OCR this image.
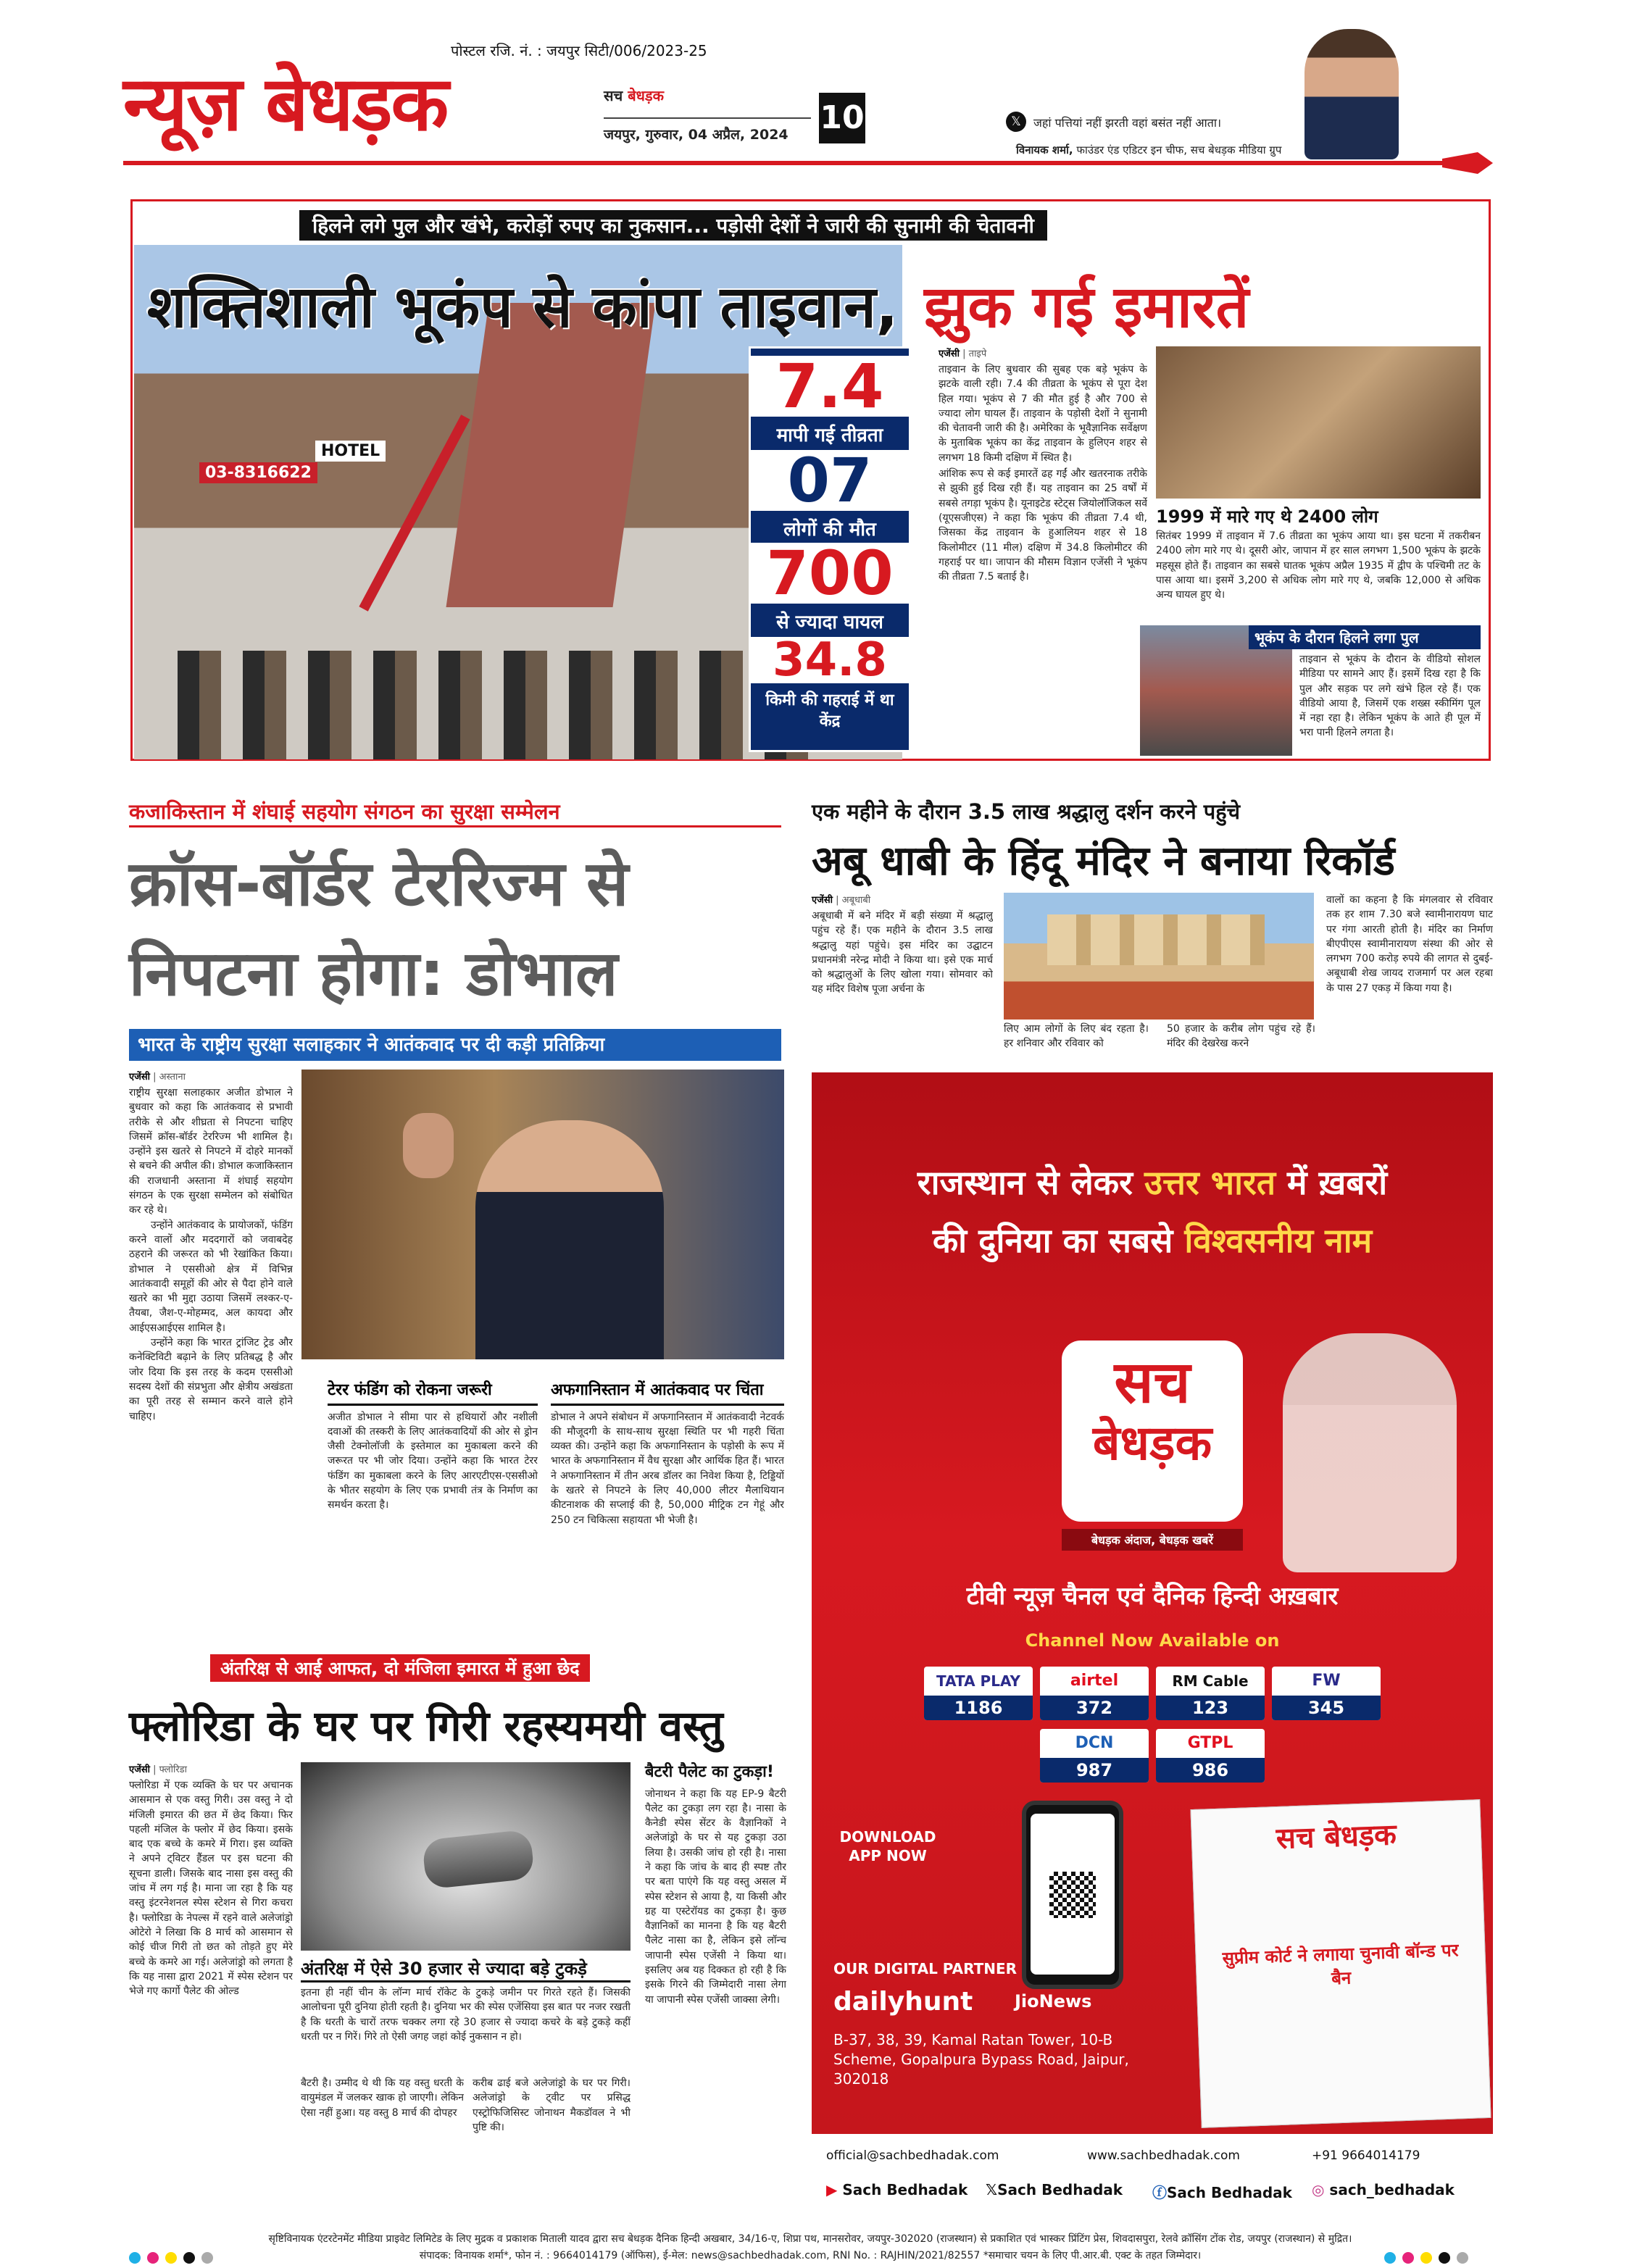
पोस्टल रजि. नं. : जयपुर सिटी/006/2023-25
न्यूज़ बेधड़क	सच बेधड़क
जयपुर, गुरुवार, 04 अप्रैल, 2024 10	𝕏	जहां पत्तियां नहीं झरती वहां बसंत नहीं आता।
विनायक शर्मा, फाउंडर एंड एडिटर इन चीफ, सच बेधड़क मीडिया ग्रुप
हिलने लगे पुल और खंभे, करोड़ों रुपए का नुकसान... पड़ोसी देशों ने जारी की सुनामी की चेतावनी
HOTEL
03-8316622
शक्तिशाली भूकंप से कांपा ताइवान, झुक गई इमारतें
7.4
मापी गई तीव्रता
07
लोगों की मौत
700
से ज्यादा घायल
34.8
किमी की गहराई में था केंद्र
एजेंसी | ताइपे
ताइवान के लिए बुधवार की सुबह एक बड़े भूकंप के झटके वाली रही। 7.4 की तीव्रता के भूकंप से पूरा देश हिल गया। भूकंप से 7 की मौत हुई है और 700 से ज्यादा लोग घायल हैं। ताइवान के पड़ोसी देशों ने सुनामी की चेतावनी जारी की है। अमेरिका के भूवैज्ञानिक सर्वेक्षण के मुताबिक भूकंप का केंद्र ताइवान के हुलिएन शहर से लगभग 18 किमी दक्षिण में स्थित है।
आंशिक रूप से कई इमारतें ढह गईं और खतरनाक तरीके से झुकी हुई दिख रही हैं। यह ताइवान का 25 वर्षों में सबसे तगड़ा भूकंप है। यूनाइटेड स्टेट्स जियोलॉजिकल सर्वे (यूएसजीएस) ने कहा कि भूकंप की तीव्रता 7.4 थी, जिसका केंद्र ताइवान के हुआलियन शहर से 18 किलोमीटर (11 मील) दक्षिण में 34.8 किलोमीटर की गहराई पर था। जापान की मौसम विज्ञान एजेंसी ने भूकंप की तीव्रता 7.5 बताई है।
1999 में मारे गए थे 2400 लोग
सितंबर 1999 में ताइवान में 7.6 तीव्रता का भूकंप आया था। इस घटना में तकरीबन 2400 लोग मारे गए थे। दूसरी ओर, जापान में हर साल लगभग 1,500 भूकंप के झटके महसूस होते हैं। ताइवान का सबसे घातक भूकंप अप्रैल 1935 में द्वीप के पश्चिमी तट के पास आया था। इसमें 3,200 से अधिक लोग मारे गए थे, जबकि 12,000 से अधिक अन्य घायल हुए थे।
भूकंप के दौरान हिलने लगा पुल
ताइवान से भूकंप के दौरान के वीडियो सोशल मीडिया पर सामने आए हैं। इसमें दिख रहा है कि पुल और सड़क पर लगे खंभे हिल रहे हैं। एक वीडियो आया है, जिसमें एक शख्स स्कीमिंग पूल में नहा रहा है। लेकिन भूकंप के आते ही पूल में भरा पानी हिलने लगता है।
कजाकिस्तान में शंघाई सहयोग संगठन का सुरक्षा सम्मेलन
क्रॉस-बॉर्डर टेररिज्म से
निपटना होगा: डोभाल
भारत के राष्ट्रीय सुरक्षा सलाहकार ने आतंकवाद पर दी कड़ी प्रतिक्रिया
एजेंसी | अस्ताना
राष्ट्रीय सुरक्षा सलाहकार अजीत डोभाल ने बुधवार को कहा कि आतंकवाद से प्रभावी तरीके से और शीघ्रता से निपटना चाहिए जिसमें क्रॉस-बॉर्डर टेररिज्म भी शामिल है। उन्होंने इस खतरे से निपटने में दोहरे मानकों से बचने की अपील की। डोभाल कजाकिस्तान की राजधानी अस्ताना में शंघाई सहयोग संगठन के एक सुरक्षा सम्मेलन को संबोधित कर रहे थे।
उन्होंने आतंकवाद के प्रायोजकों, फंडिंग करने वालों और मददगारों को जवाबदेह ठहराने की जरूरत को भी रेखांकित किया। डोभाल ने एससीओ क्षेत्र में विभिन्न आतंकवादी समूहों की ओर से पैदा होने वाले खतरे का भी मुद्दा उठाया जिसमें लश्कर-ए-तैयबा, जैश-ए-मोहम्मद, अल कायदा और आईएसआईएस शामिल है।
उन्होंने कहा कि भारत ट्रांजिट ट्रेड और कनेक्टिविटी बढ़ाने के लिए प्रतिबद्ध है और जोर दिया कि इस तरह के कदम एससीओ सदस्य देशों की संप्रभुता और क्षेत्रीय अखंडता का पूरी तरह से सम्मान करने वाले होने चाहिए।
टेरर फंडिंग को रोकना जरूरी
अजीत डोभाल ने सीमा पार से हथियारों और नशीली दवाओं की तस्करी के लिए आतंकवादियों की ओर से ड्रोन जैसी टेक्नोलॉजी के इस्तेमाल का मुकाबला करने की जरूरत पर भी जोर दिया। उन्होंने कहा कि भारत टेरर फंडिंग का मुकाबला करने के लिए आरएटीएस-एससीओ के भीतर सहयोग के लिए एक प्रभावी तंत्र के निर्माण का समर्थन करता है।
अफगानिस्तान में आतंकवाद पर चिंता
डोभाल ने अपने संबोधन में अफगानिस्तान में आतंकवादी नेटवर्क की मौजूदगी के साथ-साथ सुरक्षा स्थिति पर भी गहरी चिंता व्यक्त की। उन्होंने कहा कि अफगानिस्तान के पड़ोसी के रूप में भारत के अफगानिस्तान में वैध सुरक्षा और आर्थिक हित हैं। भारत ने अफगानिस्तान में तीन अरब डॉलर का निवेश किया है, टिड्डियों के खतरे से निपटने के लिए 40,000 लीटर मैलाथियान कीटनाशक की सप्लाई की है, 50,000 मीट्रिक टन गेहूं और 250 टन चिकित्सा सहायता भी भेजी है।
एक महीने के दौरान 3.5 लाख श्रद्धालु दर्शन करने पहुंचे
अबू धाबी के हिंदू मंदिर ने बनाया रिकॉर्ड
एजेंसी | अबूधाबी
अबूधाबी में बने मंदिर में बड़ी संख्या में श्रद्धालु पहुंच रहे हैं। एक महीने के दौरान 3.5 लाख श्रद्धालु यहां पहुंचे। इस मंदिर का उद्घाटन प्रधानमंत्री नरेन्द्र मोदी ने किया था। इसे एक मार्च को श्रद्धालुओं के लिए खोला गया। सोमवार को यह मंदिर विशेष पूजा अर्चना के
लिए आम लोगों के लिए बंद रहता है। हर शनिवार और रविवार को
50 हजार के करीब लोग पहुंच रहे हैं। मंदिर की देखरेख करने
वालों का कहना है कि मंगलवार से रविवार तक हर शाम 7.30 बजे स्वामीनारायण घाट पर गंगा आरती होती है। मंदिर का निर्माण बीएपीएस स्वामीनारायण संस्था की ओर से लगभग 700 करोड़ रुपये की लागत से दुबई-अबूधाबी शेख जायद राजमार्ग पर अल रहबा के पास 27 एकड़ में किया गया है।
अंतरिक्ष से आई आफत, दो मंजिला इमारत में हुआ छेद
फ्लोरिडा के घर पर गिरी रहस्यमयी वस्तु
एजेंसी | फ्लोरिडा
फ्लोरिडा में एक व्यक्ति के घर पर अचानक आसमान से एक वस्तु गिरी। उस वस्तु ने दो मंजिली इमारत की छत में छेद किया। फिर पहली मंजिल के फ्लोर में छेद किया। इसके बाद एक बच्चे के कमरे में गिरा। इस व्यक्ति ने अपने ट्विटर हैंडल पर इस घटना की सूचना डाली। जिसके बाद नासा इस वस्तु की जांच में लग गई है। माना जा रहा है कि यह वस्तु इंटरनेशनल स्पेस स्टेशन से गिरा कचरा है। फ्लोरिडा के नेपल्स में रहने वाले अलेजांड्रो ओटेरो ने लिखा कि 8 मार्च को आसमान से कोई चीज गिरी तो छत को तोड़ते हुए मेरे बच्चे के कमरे आ गई। अलेजांड्रो को लगता है कि यह नासा द्वारा 2021 में स्पेस स्टेशन पर भेजे गए कार्गो पैलेट की ओल्ड
अंतरिक्ष में ऐसे 30 हजार से ज्यादा बड़े टुकड़े
इतना ही नहीं चीन के लॉन्ग मार्च रॉकेट के टुकड़े जमीन पर गिरते रहते हैं। जिसकी आलोचना पूरी दुनिया होती रहती है। दुनिया भर की स्पेस एजेंसिया इस बात पर नजर रखती है कि धरती के चारों तरफ चक्कर लगा रहे 30 हजार से ज्यादा कचरे के बड़े टुकड़े कहीं धरती पर न गिरें। गिरे तो ऐसी जगह जहां कोई नुकसान न हो।
बैटरी है। उम्मीद थे थी कि यह वस्तु धरती के वायुमंडल में जलकर खाक हो जाएगी। लेकिन ऐसा नहीं हुआ। यह वस्तु 8 मार्च की दोपहर
करीब ढाई बजे अलेजांड्रो के घर पर गिरी। अलेजांड्रो के ट्वीट पर प्रसिद्ध एस्ट्रोफिजिसिस्ट जोनाथन मैकडॉवल ने भी पुष्टि की।
बैटरी पैलेट का टुकड़ा!
जोनाथन ने कहा कि यह EP-9 बैटरी पैलेट का टुकड़ा लग रहा है। नासा के कैनेडी स्पेस सेंटर के वैज्ञानिकों ने अलेजांड्रो के घर से यह टुकड़ा उठा लिया है। उसकी जांच हो रही है। नासा ने कहा कि जांच के बाद ही स्पष्ट तौर पर बता पाएंगे कि यह वस्तु असल में स्पेस स्टेशन से आया है, या किसी और ग्रह या एस्टेरॉयड का टुकड़ा है। कुछ वैज्ञानिकों का मानना है कि यह बैटरी पैलेट नासा का है, लेकिन इसे लॉन्च जापानी स्पेस एजेंसी ने किया था। इसलिए अब यह दिक्कत हो रही है कि इसके गिरने की जिम्मेदारी नासा लेगा या जापानी स्पेस एजेंसी जाक्सा लेगी।
राजस्थान से लेकर उत्तर भारत में ख़बरों
की दुनिया का सबसे विश्वसनीय नाम
सच
बेधड़क
बेधड़क अंदाज, बेधड़क खबरें
टीवी न्यूज़ चैनल एवं दैनिक हिन्दी अख़बार
Channel Now Available on
TATA PLAY
1186
airtel
372
RM Cable
123
FW
345
DCN
987
GTPL
986
DOWNLOAD APP NOW
सच बेधड़क
सुप्रीम कोर्ट ने लगाया चुनावी बॉन्ड पर बैन
OUR DIGITAL PARTNER
dailyhunt JioNews
B-37, 38, 39, Kamal Ratan Tower, 10-B Scheme, Gopalpura Bypass Road, Jaipur, 302018
official@sachbedhadak.com	www.sachbedhadak.com	+91 9664014179
▶ Sach Bedhadak 𝕏Sach Bedhadak ⓕSach Bedhadak ◎ sach_bedhadak
सृष्टिविनायक एंटरटेनमेंट मीडिया प्राइवेट लिमिटेड के लिए मुद्रक व प्रकाशक मिताली यादव द्वारा सच बेधड़क दैनिक हिन्दी अखबार, 34/16-ए, शिप्रा पथ, मानसरोवर, जयपुर-302020 (राजस्थान) से प्रकाशित एवं भास्कर प्रिंटिंग प्रेस, शिवदासपुरा, रेलवे क्रॉसिंग टोंक रोड, जयपुर (राजस्थान) से मुद्रित।
संपादक: विनायक शर्मा*, फोन नं. : 9664014179 (ऑफिस), ई-मेल: news@sachbedhadak.com, RNI No. : RAJHIN/2021/82557 *समाचार चयन के लिए पी.आर.बी. एक्ट के तहत जिम्मेदार।
